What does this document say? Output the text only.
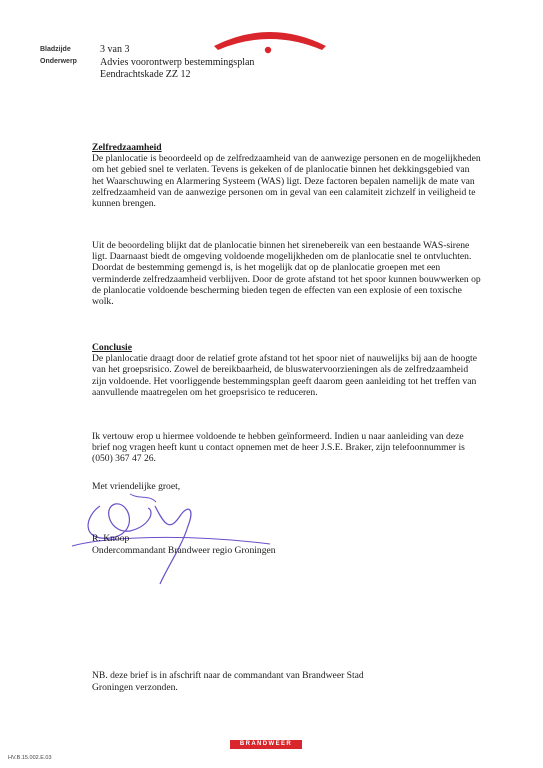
Bladzijde
Onderwerp
3 van 3
Advies voorontwerp bestemmingsplan
Eendrachtskade ZZ 12
Zelfredzaamheid

De planlocatie is beoordeeld op de zelfredzaamheid van de aanwezige personen en de mogelijkheden om het gebied snel te verlaten. Tevens is gekeken of de planlocatie binnen het dekkingsgebied van het Waarschuwing en Alarmering Systeem (WAS) ligt. Deze factoren bepalen namelijk de mate van zelfredzaamheid van de aanwezige personen om in geval van een calamiteit zichzelf in veiligheid te kunnen brengen.

Uit de beoordeling blijkt dat de planlocatie binnen het sirenebereik van een bestaande WAS-sirene ligt. Daarnaast biedt de omgeving voldoende mogelijkheden om de planlocatie snel te ontvluchten. Doordat de bestemming gemengd is, is het mogelijk dat op de planlocatie groepen met een verminderde zelfredzaamheid verblijven. Door de grote afstand tot het spoor kunnen bouwwerken op de planlocatie voldoende bescherming bieden tegen de effecten van een explosie of een toxische wolk.
Conclusie

De planlocatie draagt door de relatief grote afstand tot het spoor niet of nauwelijks bij aan de hoogte van het groepsrisico. Zowel de bereikbaarheid, de bluswatervoorzieningen als de zelfredzaamheid zijn voldoende. Het voorliggende bestemmingsplan geeft daarom geen aanleiding tot het treffen van aanvullende maatregelen om het groepsrisico te reduceren.

Ik vertouw erop u hiermee voldoende te hebben geïnformeerd. Indien u naar aanleiding van deze brief nog vragen heeft kunt u contact opnemen met de heer J.S.E. Braker, zijn telefoonnummer is (050) 367 47 26.
Met vriendelijke groet,
R. Knoop
Ondercommandant Brandweer regio Groningen
NB. deze brief is in afschrift naar de commandant van Brandweer Stad
Groningen verzonden.
BRANDWEER
HV.B.15.002.E.03
